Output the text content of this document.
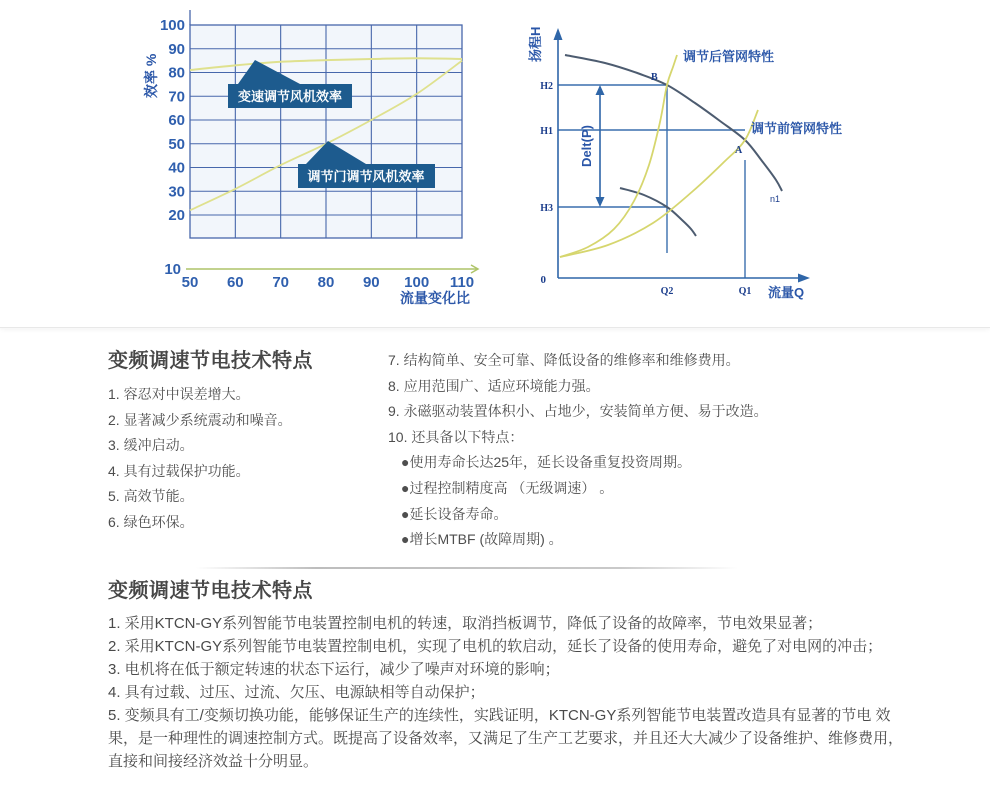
100
90
80
70
60
50
40
30
20
变速调节风机效率
调节门调节风机效率
10
50 60 70 80 90 100 110
流量变化比
效率 %	H2
H1
H3
Q2	Q1
n1
调节后管网特性
调节前管网特性
B
A
Delt(P)
0
流量Q
扬程H
变频调速节电技术特点
1. 容忍对中误差增大。
2. 显著减少系统震动和噪音。
3. 缓冲启动。
4. 具有过载保护功能。
5. 高效节能。
6. 绿色环保。
7. 结构简单、安全可靠、降低设备的维修率和维修费用。
8. 应用范围广、适应环境能力强。
9. 永磁驱动装置体积小、占地少，安装简单方便、易于改造。
10. 还具备以下特点：
●使用寿命长达25年，延长设备重复投资周期。
●过程控制精度高 （无级调速） 。
●延长设备寿命。
●增长MTBF (故障周期) 。
变频调速节电技术特点
1. 采用KTCN-GY系列智能节电装置控制电机的转速，取消挡板调节，降低了设备的故障率，节电效果显著；
2. 采用KTCN-GY系列智能节电装置控制电机，实现了电机的软启动，延长了设备的使用寿命，避免了对电网的冲击；
3. 电机将在低于额定转速的状态下运行，减少了噪声对环境的影响；
4. 具有过载、过压、过流、欠压、电源缺相等自动保护；
5. 变频具有工/变频切换功能，能够保证生产的连续性，实践证明，KTCN-GY系列智能节电装置改造具有显著的节电 效果，是一种理性的调速控制方式。既提高了设备效率，又满足了生产工艺要求，并且还大大减少了设备维护、维修费用，直接和间接经济效益十分明显。
